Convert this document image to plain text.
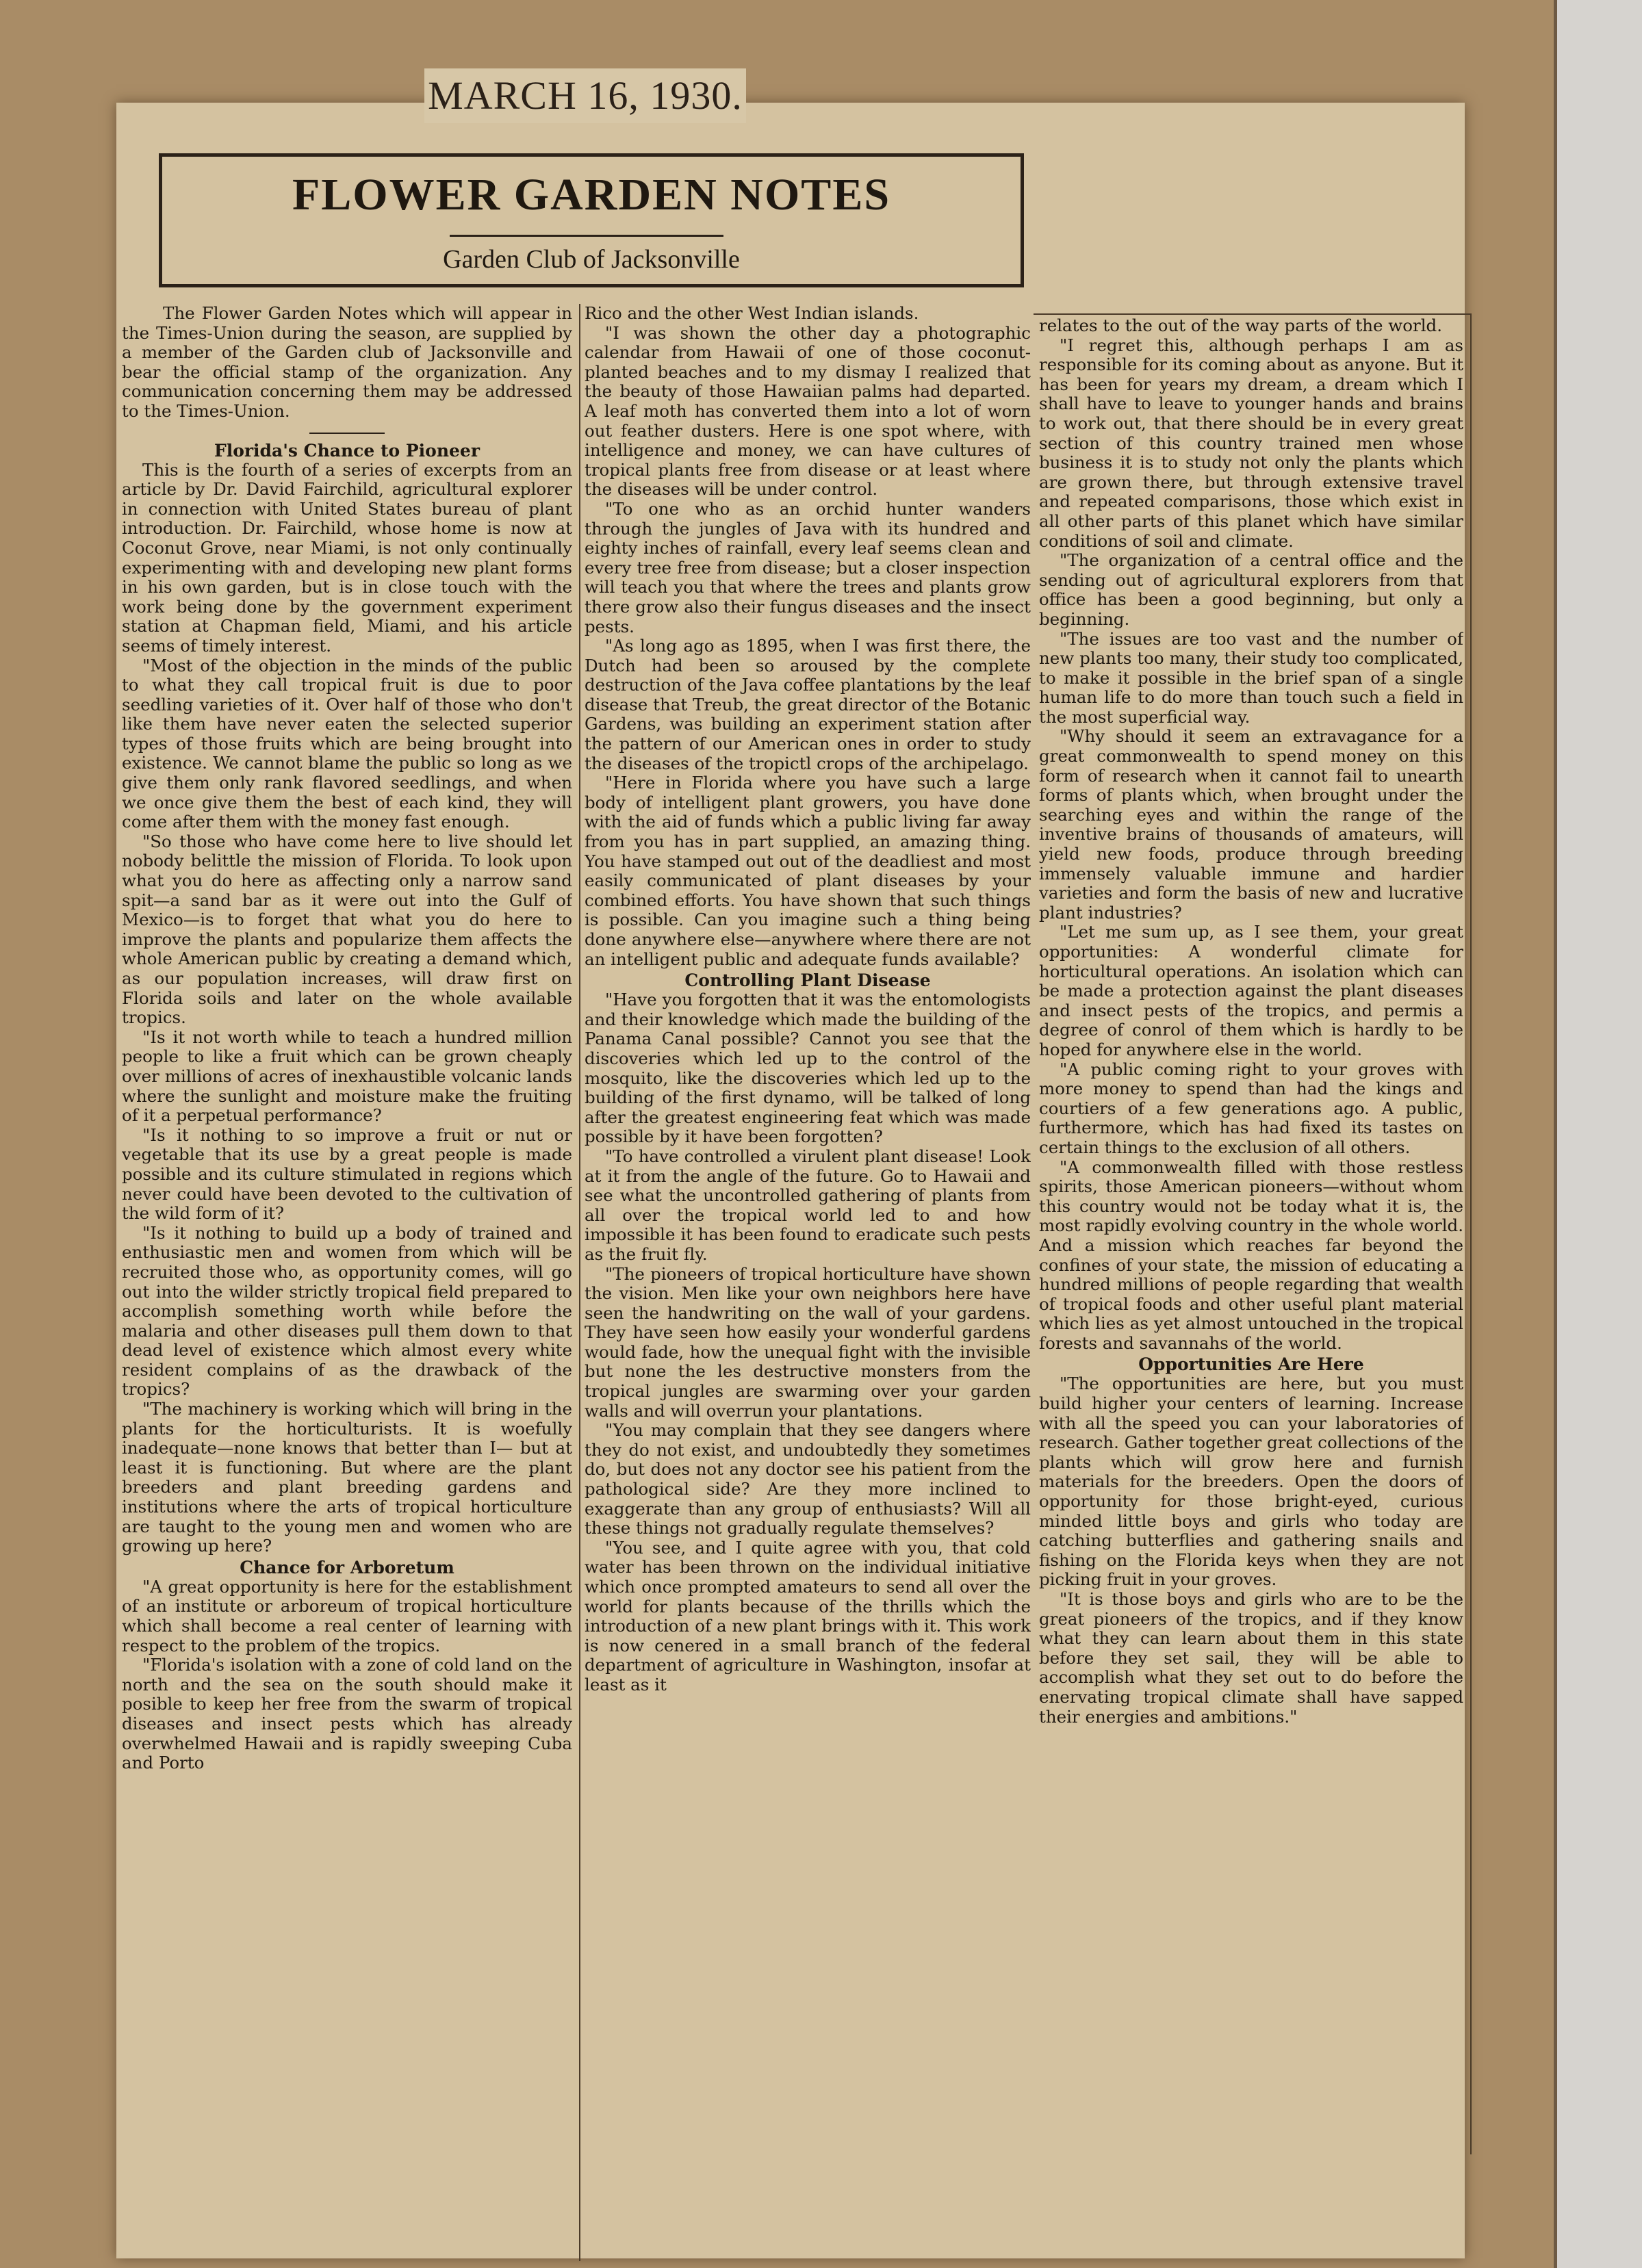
MARCH 16, 1930.
FLOWER GARDEN NOTES
Garden Club of Jacksonville

The Flower Garden Notes which will appear in the Times-Union during the season, are supplied by a member of the Garden club of Jacksonville and bear the official stamp of the organization. Any communication concerning them may be addressed to the Times-Union.

Florida's Chance to Pioneer

This is the fourth of a series of excerpts from an article by Dr. David Fairchild, agricultural explorer in connection with United States bureau of plant introduction. Dr. Fairchild, whose home is now at Coconut Grove, near Miami, is not only continually experimenting with and developing new plant forms in his own garden, but is in close touch with the work being done by the government experiment station at Chapman field, Miami, and his article seems of timely interest.

"Most of the objection in the minds of the public to what they call tropical fruit is due to poor seedling varieties of it. Over half of those who don't like them have never eaten the selected superior types of those fruits which are being brought into existence. We cannot blame the public so long as we give them only rank flavored seedlings, and when we once give them the best of each kind, they will come after them with the money fast enough.

"So those who have come here to live should let nobody belittle the mission of Florida. To look upon what you do here as affecting only a narrow sand spit—a sand bar as it were out into the Gulf of Mexico—is to forget that what you do here to improve the plants and popularize them affects the whole American public by creating a demand which, as our population increases, will draw first on Florida soils and later on the whole available tropics.

"Is it not worth while to teach a hundred million people to like a fruit which can be grown cheaply over millions of acres of inexhaustible volcanic lands where the sunlight and moisture make the fruiting of it a perpetual performance?

"Is it nothing to so improve a fruit or nut or vegetable that its use by a great people is made possible and its culture stimulated in regions which never could have been devoted to the cultivation of the wild form of it?

"Is it nothing to build up a body of trained and enthusiastic men and women from which will be recruited those who, as opportunity comes, will go out into the wilder strictly tropical field prepared to accomplish something worth while before the malaria and other diseases pull them down to that dead level of existence which almost every white resident complains of as the drawback of the tropics?

"The machinery is working which will bring in the plants for the horticulturists. It is woefully inadequate—none knows that better than I— but at least it is functioning. But where are the plant breeders and plant breeding gardens and institutions where the arts of tropical horticulture are taught to the young men and women who are growing up here?

Chance for Arboretum

"A great opportunity is here for the establishment of an institute or arboreum of tropical horticulture which shall become a real center of learning with respect to the problem of the tropics.

"Florida's isolation with a zone of cold land on the north and the sea on the south should make it posible to keep her free from the swarm of tropical diseases and insect pests which has already overwhelmed Hawaii and is rapidly sweeping Cuba and Porto

Rico and the other West Indian islands.

"I was shown the other day a photographic calendar from Hawaii of one of those coconut-planted beaches and to my dismay I realized that the beauty of those Hawaiian palms had departed. A leaf moth has converted them into a lot of worn out feather dusters. Here is one spot where, with intelligence and money, we can have cultures of tropical plants free from disease or at least where the diseases will be under control.

"To one who as an orchid hunter wanders through the jungles of Java with its hundred and eighty inches of rainfall, every leaf seems clean and every tree free from disease; but a closer inspection will teach you that where the trees and plants grow there grow also their fungus diseases and the insect pests.

"As long ago as 1895, when I was first there, the Dutch had been so aroused by the complete destruction of the Java coffee plantations by the leaf disease that Treub, the great director of the Botanic Gardens, was building an experiment station after the pattern of our American ones in order to study the diseases of the tropictl crops of the archipelago.

"Here in Florida where you have such a large body of intelligent plant growers, you have done with the aid of funds which a public living far away from you has in part supplied, an amazing thing. You have stamped out out of the deadliest and most easily communicated of plant diseases by your combined efforts. You have shown that such things is possible. Can you imagine such a thing being done anywhere else—anywhere where there are not an intelligent public and adequate funds available?

Controlling Plant Disease

"Have you forgotten that it was the entomologists and their knowledge which made the building of the Panama Canal possible? Cannot you see that the discoveries which led up to the control of the mosquito, like the discoveries which led up to the building of the first dynamo, will be talked of long after the greatest engineering feat which was made possible by it have been forgotten?

"To have controlled a virulent plant disease! Look at it from the angle of the future. Go to Hawaii and see what the uncontrolled gathering of plants from all over the tropical world led to and how impossible it has been found to eradicate such pests as the fruit fly.

"The pioneers of tropical horticulture have shown the vision. Men like your own neighbors here have seen the handwriting on the wall of your gardens. They have seen how easily your wonderful gardens would fade, how the unequal fight with the invisible but none the les destructive monsters from the tropical jungles are swarming over your garden walls and will overrun your plantations.

"You may complain that they see dangers where they do not exist, and undoubtedly they sometimes do, but does not any doctor see his patient from the pathological side? Are they more inclined to exaggerate than any group of enthusiasts? Will all these things not gradually regulate themselves?

"You see, and I quite agree with you, that cold water has been thrown on the individual initiative which once prompted amateurs to send all over the world for plants because of the thrills which the introduction of a new plant brings with it. This work is now cenered in a small branch of the federal department of agriculture in Washington, insofar at least as it

relates to the out of the way parts of the world.

"I regret this, although perhaps I am as responsible for its coming about as anyone. But it has been for years my dream, a dream which I shall have to leave to younger hands and brains to work out, that there should be in every great section of this country trained men whose business it is to study not only the plants which are grown there, but through extensive travel and repeated comparisons, those which exist in all other parts of this planet which have similar conditions of soil and climate.

"The organization of a central office and the sending out of agricultural explorers from that office has been a good beginning, but only a beginning.

"The issues are too vast and the number of new plants too many, their study too complicated, to make it possible in the brief span of a single human life to do more than touch such a field in the most superficial way.

"Why should it seem an extravagance for a great commonwealth to spend money on this form of research when it cannot fail to unearth forms of plants which, when brought under the searching eyes and within the range of the inventive brains of thousands of amateurs, will yield new foods, produce through breeding immensely valuable immune and hardier varieties and form the basis of new and lucrative plant industries?

"Let me sum up, as I see them, your great opportunities: A wonderful climate for horticultural operations. An isolation which can be made a protection against the plant diseases and insect pests of the tropics, and permis a degree of conrol of them which is hardly to be hoped for anywhere else in the world.

"A public coming right to your groves with more money to spend than had the kings and courtiers of a few generations ago. A public, furthermore, which has had fixed its tastes on certain things to the exclusion of all others.

"A commonwealth filled with those restless spirits, those American pioneers—without whom this country would not be today what it is, the most rapidly evolving country in the whole world. And a mission which reaches far beyond the confines of your state, the mission of educating a hundred millions of people regarding that wealth of tropical foods and other useful plant material which lies as yet almost untouched in the tropical forests and savannahs of the world.

Opportunities Are Here

"The opportunities are here, but you must build higher your centers of learning. Increase with all the speed you can your laboratories of research. Gather together great collections of the plants which will grow here and furnish materials for the breeders. Open the doors of opportunity for those bright-eyed, curious minded little boys and girls who today are catching butterflies and gathering snails and fishing on the Florida keys when they are not picking fruit in your groves.

"It is those boys and girls who are to be the great pioneers of the tropics, and if they know what they can learn about them in this state before they set sail, they will be able to accomplish what they set out to do before the enervating tropical climate shall have sapped their energies and ambitions."
